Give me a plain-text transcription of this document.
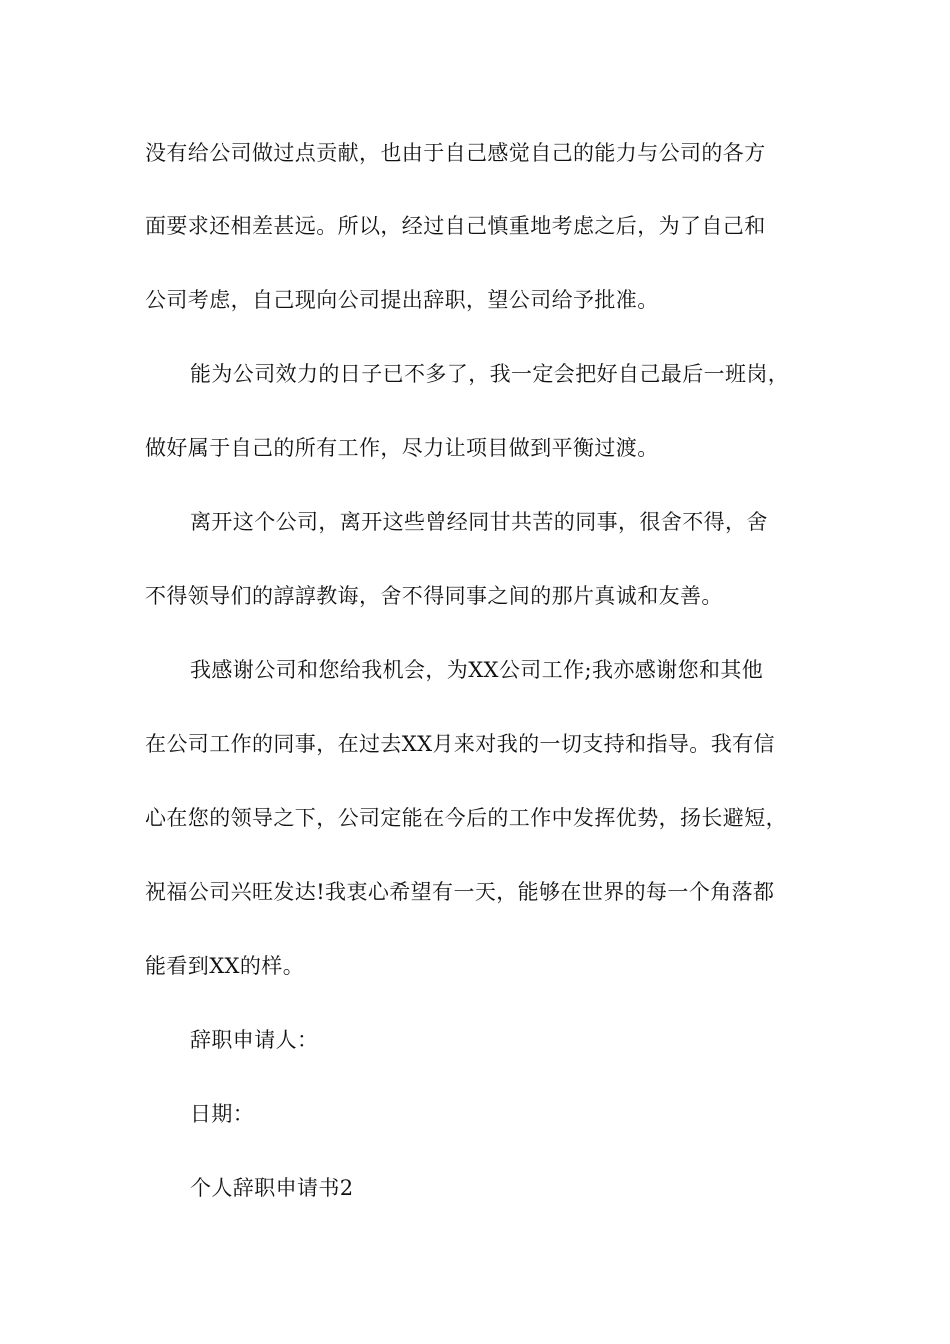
没有给公司做过点贡献，也由于自己感觉自己的能力与公司的各方
面要求还相差甚远。所以，经过自己慎重地考虑之后，为了自己和
公司考虑，自己现向公司提出辞职，望公司给予批准。
能为公司效力的日子已不多了，我一定会把好自己最后一班岗，
做好属于自己的所有工作，尽力让项目做到平衡过渡。
离开这个公司，离开这些曾经同甘共苦的同事，很舍不得，舍
不得领导们的諄諄教诲，舍不得同事之间的那片真诚和友善。
我感谢公司和您给我机会，为XX公司工作;我亦感谢您和其他
在公司工作的同事，在过去XX月来对我的一切支持和指导。我有信
心在您的领导之下，公司定能在今后的工作中发挥优势，扬长避短，
祝福公司兴旺发达!我衷心希望有一天，能够在世界的每一个角落都
能看到XX的样。
辞职申请人：
日期：
个人辞职申请书2
